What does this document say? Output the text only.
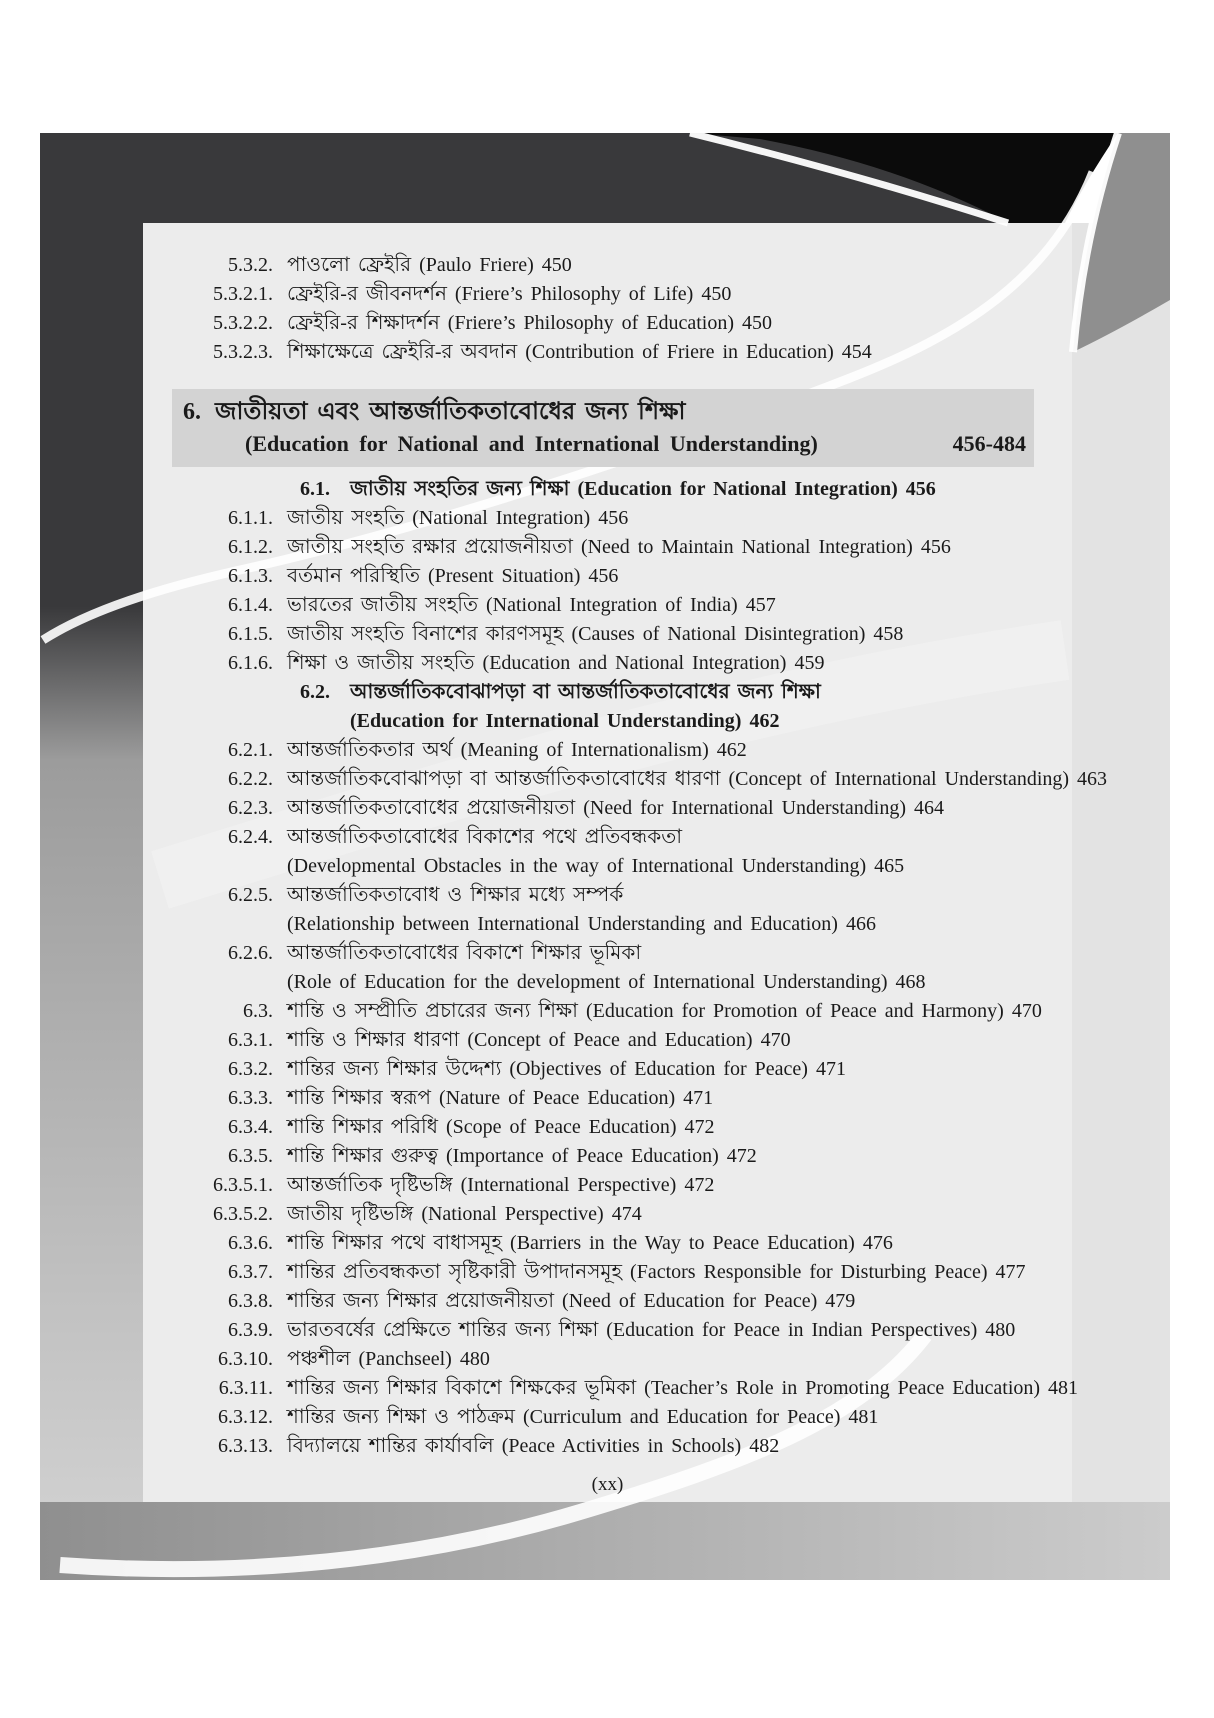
5.3.2. পাওলো ফ্রেইরি (Paulo Friere) 450
5.3.2.1. ফ্রেইরি-র জীবনদর্শন (Friere’s Philosophy of Life) 450
5.3.2.2. ফ্রেইরি-র শিক্ষাদর্শন (Friere’s Philosophy of Education) 450
5.3.2.3. শিক্ষাক্ষেত্রে ফ্রেইরি-র অবদান (Contribution of Friere in Education) 454
6. জাতীয়তা এবং আন্তর্জাতিকতাবোধের জন্য শিক্ষা
(Education for National and International Understanding)	456-484
6.1. জাতীয় সংহতির জন্য শিক্ষা (Education for National Integration) 456
6.1.1. জাতীয় সংহতি (National Integration) 456
6.1.2. জাতীয় সংহতি রক্ষার প্রয়োজনীয়তা (Need to Maintain National Integration) 456
6.1.3. বর্তমান পরিস্থিতি (Present Situation) 456
6.1.4. ভারতের জাতীয় সংহতি (National Integration of India) 457
6.1.5. জাতীয় সংহতি বিনাশের কারণসমূহ (Causes of National Disintegration) 458
6.1.6. শিক্ষা ও জাতীয় সংহতি (Education and National Integration) 459
6.2. আন্তর্জাতিকবোঝাপড়া বা আন্তর্জাতিকতাবোধের জন্য শিক্ষা
(Education for International Understanding) 462
6.2.1. আন্তর্জাতিকতার অর্থ (Meaning of Internationalism) 462
6.2.2. আন্তর্জাতিকবোঝাপড়া বা আন্তর্জাতিকতাবোধের ধারণা (Concept of International Understanding) 463
6.2.3. আন্তর্জাতিকতাবোধের প্রয়োজনীয়তা (Need for International Understanding) 464
6.2.4. আন্তর্জাতিকতাবোধের বিকাশের পথে প্রতিবন্ধকতা
(Developmental Obstacles in the way of International Understanding) 465
6.2.5. আন্তর্জাতিকতাবোধ ও শিক্ষার মধ্যে সম্পর্ক
(Relationship between International Understanding and Education) 466
6.2.6. আন্তর্জাতিকতাবোধের বিকাশে শিক্ষার ভূমিকা
(Role of Education for the development of International Understanding) 468
6.3. শান্তি ও সম্প্রীতি প্রচারের জন্য শিক্ষা (Education for Promotion of Peace and Harmony) 470
6.3.1. শান্তি ও শিক্ষার ধারণা (Concept of Peace and Education) 470
6.3.2. শান্তির জন্য শিক্ষার উদ্দেশ্য (Objectives of Education for Peace) 471
6.3.3. শান্তি শিক্ষার স্বরূপ (Nature of Peace Education) 471
6.3.4. শান্তি শিক্ষার পরিধি (Scope of Peace Education) 472
6.3.5. শান্তি শিক্ষার গুরুত্ব (Importance of Peace Education) 472
6.3.5.1. আন্তর্জাতিক দৃষ্টিভঙ্গি (International Perspective) 472
6.3.5.2. জাতীয় দৃষ্টিভঙ্গি (National Perspective) 474
6.3.6. শান্তি শিক্ষার পথে বাধাসমূহ (Barriers in the Way to Peace Education) 476
6.3.7. শান্তির প্রতিবন্ধকতা সৃষ্টিকারী উপাদানসমূহ (Factors Responsible for Disturbing Peace) 477
6.3.8. শান্তির জন্য শিক্ষার প্রয়োজনীয়তা (Need of Education for Peace) 479
6.3.9. ভারতবর্ষের প্রেক্ষিতে শান্তির জন্য শিক্ষা (Education for Peace in Indian Perspectives) 480
6.3.10. পঞ্চশীল (Panchseel) 480
6.3.11. শান্তির জন্য শিক্ষার বিকাশে শিক্ষকের ভূমিকা (Teacher’s Role in Promoting Peace Education) 481
6.3.12. শান্তির জন্য শিক্ষা ও পাঠক্রম (Curriculum and Education for Peace) 481
6.3.13. বিদ্যালয়ে শান্তির কার্যাবলি (Peace Activities in Schools) 482
(xx)
